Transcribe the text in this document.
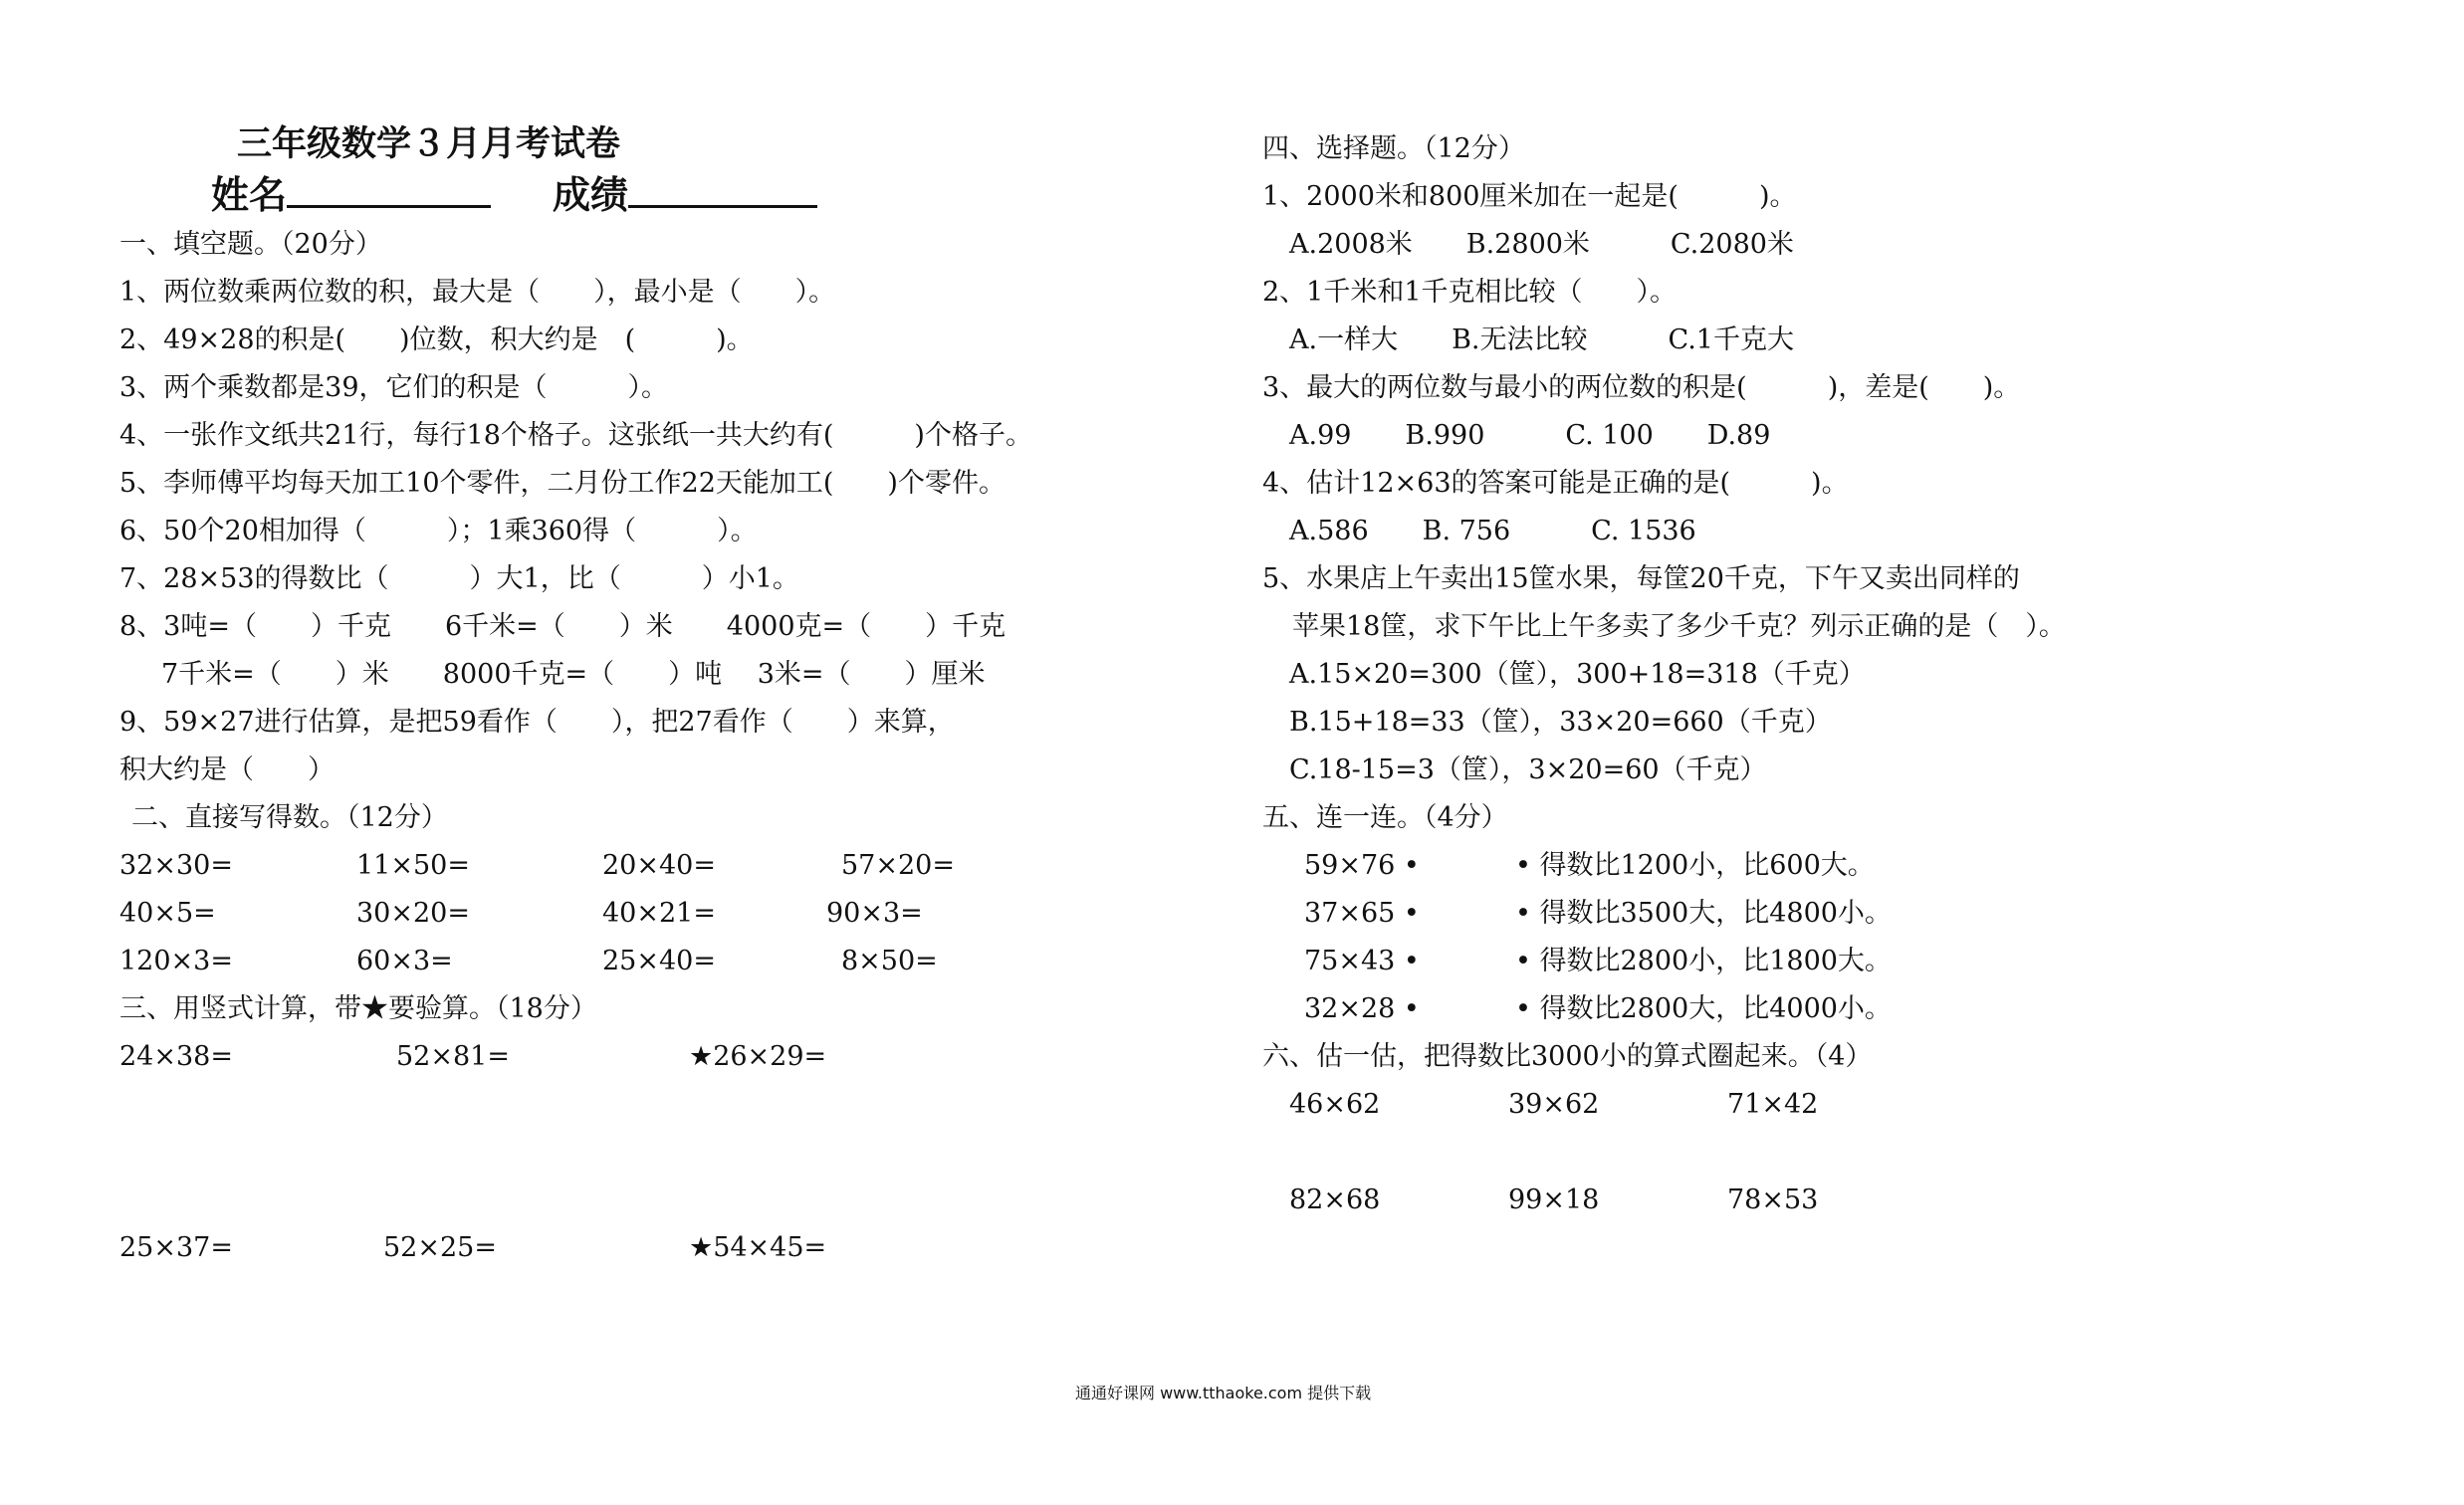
三年级数学３月月考试卷
姓名	成绩
一、填空题。（20分）
1、两位数乘两位数的积，最大是（　　），最小是（　　）。
2、49×28的积是(　　)位数，积大约是　(　　　)。
3、两个乘数都是39，它们的积是（　　　）。
4、一张作文纸共21行，每行18个格子。这张纸一共大约有(　　　)个格子。
5、李师傅平均每天加工10个零件，二月份工作22天能加工(　　)个零件。
6、50个20相加得（　　　）；1乘360得（　　　）。
7、28×53的得数比（　　　）大1，比（　　　）小1。
8、3吨=（　　）千克　　6千米=（　　）米　　4000克=（　　）千克
7千米=（　　）米　　8000千克=（　　）吨　 3米=（　　）厘米
9、59×27进行估算，是把59看作（　　），把27看作（　　）来算，
积大约是（　　）
二、直接写得数。（12分）
32×30=	11×50=	20×40=	57×20=
40×5=	30×20=	40×21=	90×3=
120×3=	60×3=	25×40=	8×50=
三、用竖式计算，带★要验算。（18分）
24×38=	52×81=	★26×29=
25×37=	52×25=	★54×45=
四、选择题。（12分）
1、2000米和800厘米加在一起是(　　　)。
A.2008米　　B.2800米　　　C.2080米
2、1千米和1千克相比较（　　）。
A.一样大　　B.无法比较　　　C.1千克大
3、最大的两位数与最小的两位数的积是(　　　)，差是(　　)。
A.99　　B.990　　　C. 100　　D.89
4、估计12×63的答案可能是正确的是(　　　)。
A.586　　B. 756　　　C. 1536
5、水果店上午卖出15筐水果，每筐20千克，下午又卖出同样的
苹果18筐，求下午比上午多卖了多少千克？列示正确的是（　）。
A.15×20=300（筐），300+18=318（千克）
B.15+18=33（筐），33×20=660（千克）
C.18-15=3（筐），3×20=60（千克）
五、连一连。（4分）
59×76 •	• 得数比1200小，比600大。
37×65 •	• 得数比3500大，比4800小。
75×43 •	• 得数比2800小，比1800大。
32×28 •	• 得数比2800大，比4000小。
六、估一估，把得数比3000小的算式圈起来。（4）
46×62	39×62	71×42
82×68	99×18	78×53
通通好课网 www.tthaoke.com 提供下载
